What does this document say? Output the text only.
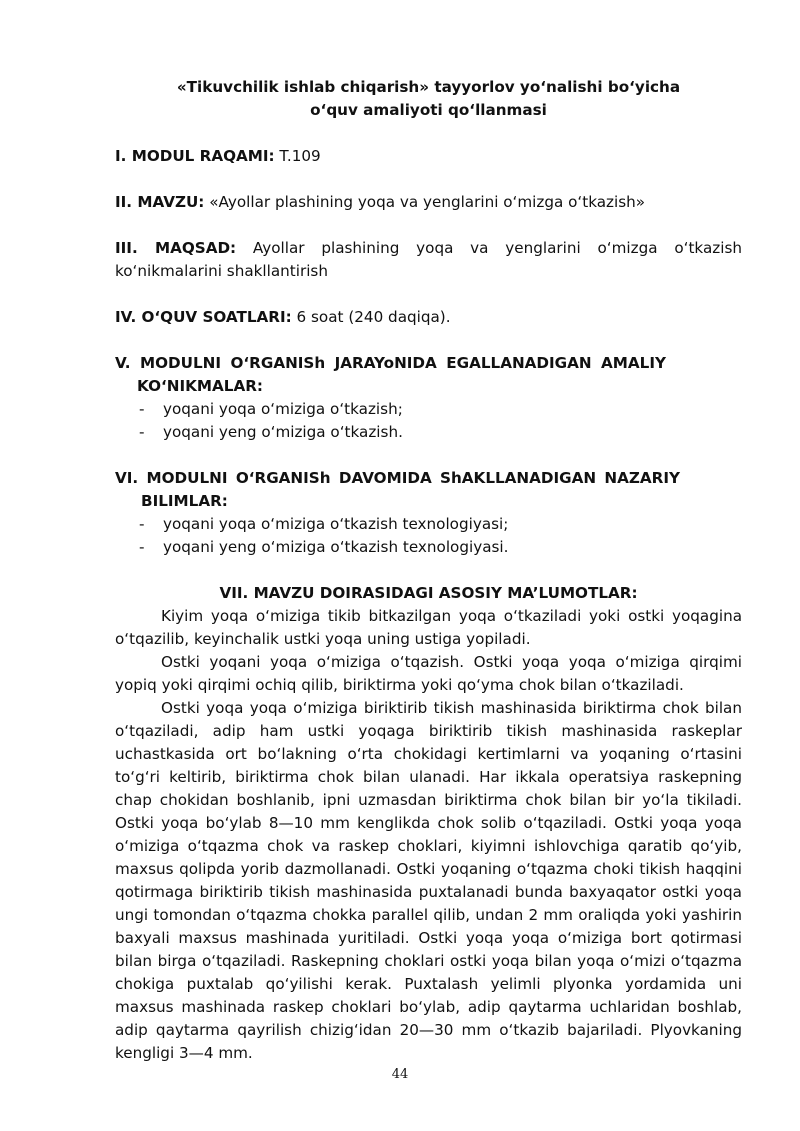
«Tikuvchilik ishlab chiqarish» tayyorlov yo‘nalishi bo‘yicha
o‘quv amaliyoti qo‘llanmasi
I. MODUL RAQAMI: T.109
II. MAVZU: «Ayollar plashining yoqa va yenglarini o‘mizga o‘tkazish»
III. MAQSAD: Ayollar plashining yoqa va yenglarini o‘mizga o‘tkazish ko‘nikmalarini shakllantirish
IV. O‘QUV SOATLARI: 6 soat (240 daqiqa).
V. MODULNI O‘RGANISh JARAYoNIDA EGALLANADIGAN AMALIY
KO‘NIKMALAR:
- yoqani yoqa o‘miziga o‘tkazish;
- yoqani yeng o‘miziga o‘tkazish.
VI. MODULNI O‘RGANISh DAVOMIDA ShAKLLANADIGAN NAZARIY
BILIMLAR:
- yoqani yoqa o‘miziga o‘tkazish texnologiyasi;
- yoqani yeng o‘miziga o‘tkazish texnologiyasi.
VII. MAVZU DOIRASIDAGI ASOSIY MA’LUMOTLAR:

Kiyim yoqa o‘miziga tikib bitkazilgan yoqa o‘tkaziladi yoki ostki yoqagina o‘tqazilib, keyinchalik ustki yoqa uning ustiga yopiladi.

Ostki yoqani yoqa o‘miziga o‘tqazish. Ostki yoqa yoqa o‘miziga qirqimi yopiq yoki qirqimi ochiq qilib, biriktirma yoki qo‘yma chok bilan o‘tkaziladi.

Ostki yoqa yoqa o‘miziga biriktirib tikish mashinasida biriktirma chok bilan o‘tqaziladi, adip ham ustki yoqaga biriktirib tikish mashinasida raskeplar uchastkasida ort bo‘lakning o‘rta chokidagi kertimlarni va yoqaning o‘rtasini to‘g‘ri keltirib, biriktirma chok bilan ulanadi. Har ikkala operatsiya raskepning chap chokidan boshlanib, ipni uzmasdan biriktirma chok bilan bir yo‘la tikiladi. Ostki yoqa bo‘ylab 8—10 mm kenglikda chok solib o‘tqaziladi. Ostki yoqa yoqa o‘miziga o‘tqazma chok va raskep choklari, kiyimni ishlovchiga qaratib qo‘yib, maxsus qolipda yorib dazmollanadi. Ostki yoqaning o‘tqazma choki tikish haqqini qotirmaga biriktirib tikish mashinasida puxtalanadi bunda baxyaqator ostki yoqa ungi tomondan o‘tqazma chokka parallel qilib, undan 2 mm oraliqda yoki yashirin baxyali maxsus mashinada yuritiladi. Ostki yoqa yoqa o‘miziga bort qotirmasi bilan birga o‘tqaziladi. Raskepning choklari ostki yoqa bilan yoqa o‘mizi o‘tqazma chokiga puxtalab qo‘yilishi kerak. Puxtalash yelimli plyonka yordamida uni maxsus mashinada raskep choklari bo‘ylab, adip qaytarma uchlaridan boshlab, adip qaytarma qayrilish chizig‘idan 20—30 mm o‘tkazib bajariladi. Plyovkaning kengligi 3—4 mm.

44
